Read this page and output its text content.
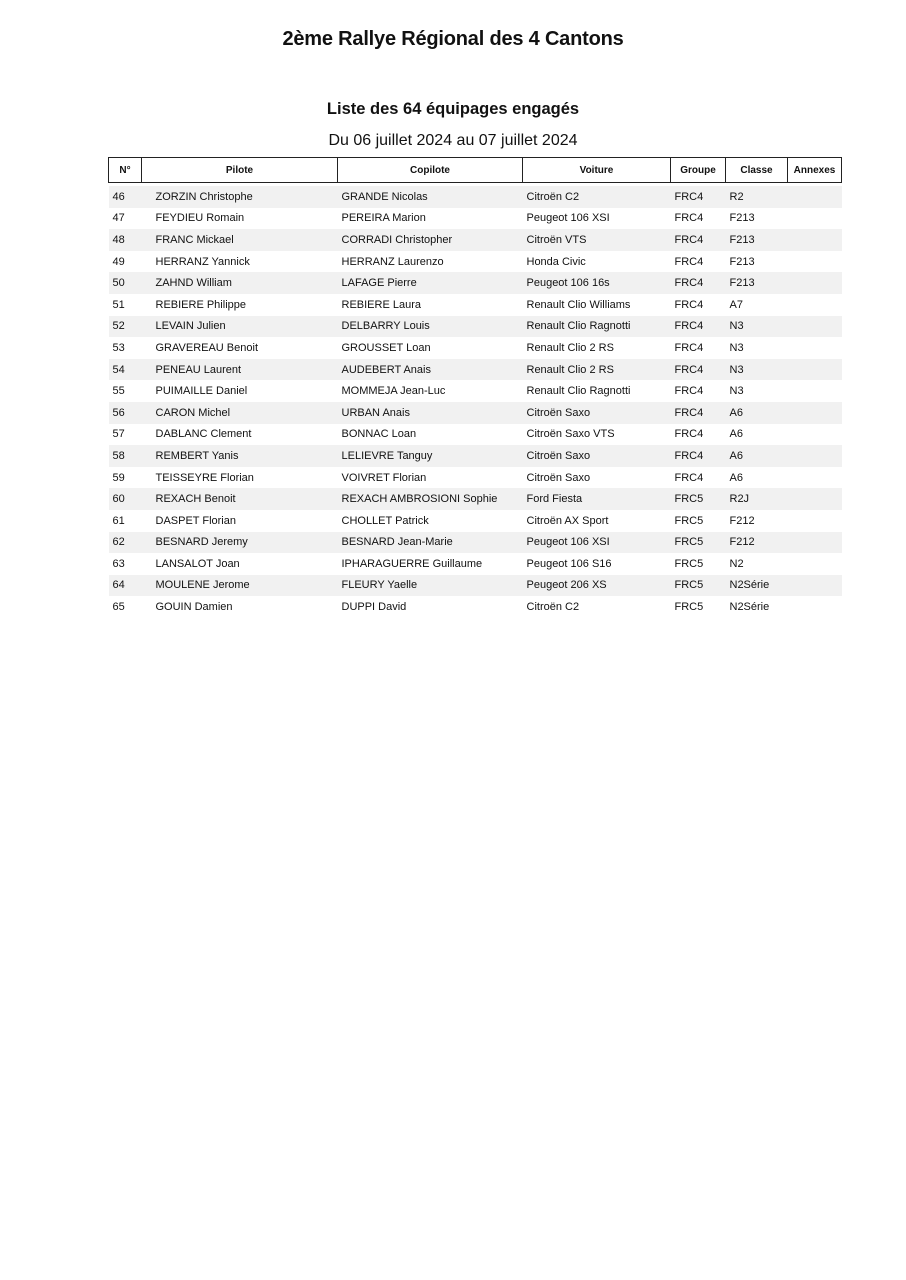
2ème Rallye Régional des 4 Cantons
Liste des 64 équipages engagés
Du 06 juillet 2024 au 07 juillet 2024
N°	Pilote	Copilote	Voiture	Groupe	Classe	Annexes

46	ZORZIN Christophe	GRANDE Nicolas	Citroën C2	FRC4	R2	
47	FEYDIEU Romain	PEREIRA Marion	Peugeot 106 XSI	FRC4	F213	
48	FRANC Mickael	CORRADI Christopher	Citroën VTS	FRC4	F213	
49	HERRANZ Yannick	HERRANZ Laurenzo	Honda Civic	FRC4	F213	
50	ZAHND William	LAFAGE Pierre	Peugeot 106 16s	FRC4	F213	
51	REBIERE Philippe	REBIERE Laura	Renault Clio Williams	FRC4	A7	
52	LEVAIN Julien	DELBARRY Louis	Renault Clio Ragnotti	FRC4	N3	
53	GRAVEREAU Benoit	GROUSSET Loan	Renault Clio 2 RS	FRC4	N3	
54	PENEAU Laurent	AUDEBERT Anais	Renault Clio 2 RS	FRC4	N3	
55	PUIMAILLE Daniel	MOMMEJA Jean-Luc	Renault Clio Ragnotti	FRC4	N3	
56	CARON Michel	URBAN Anais	Citroën Saxo	FRC4	A6	
57	DABLANC Clement	BONNAC Loan	Citroën Saxo VTS	FRC4	A6	
58	REMBERT Yanis	LELIEVRE Tanguy	Citroën Saxo	FRC4	A6	
59	TEISSEYRE Florian	VOIVRET Florian	Citroën Saxo	FRC4	A6	
60	REXACH Benoit	REXACH AMBROSIONI Sophie	Ford Fiesta	FRC5	R2J	
61	DASPET Florian	CHOLLET Patrick	Citroën AX Sport	FRC5	F212	
62	BESNARD Jeremy	BESNARD Jean-Marie	Peugeot 106 XSI	FRC5	F212	
63	LANSALOT Joan	IPHARAGUERRE Guillaume	Peugeot 106 S16	FRC5	N2	
64	MOULENE Jerome	FLEURY Yaelle	Peugeot 206 XS	FRC5	N2Série	
65	GOUIN Damien	DUPPI David	Citroën C2	FRC5	N2Série	
